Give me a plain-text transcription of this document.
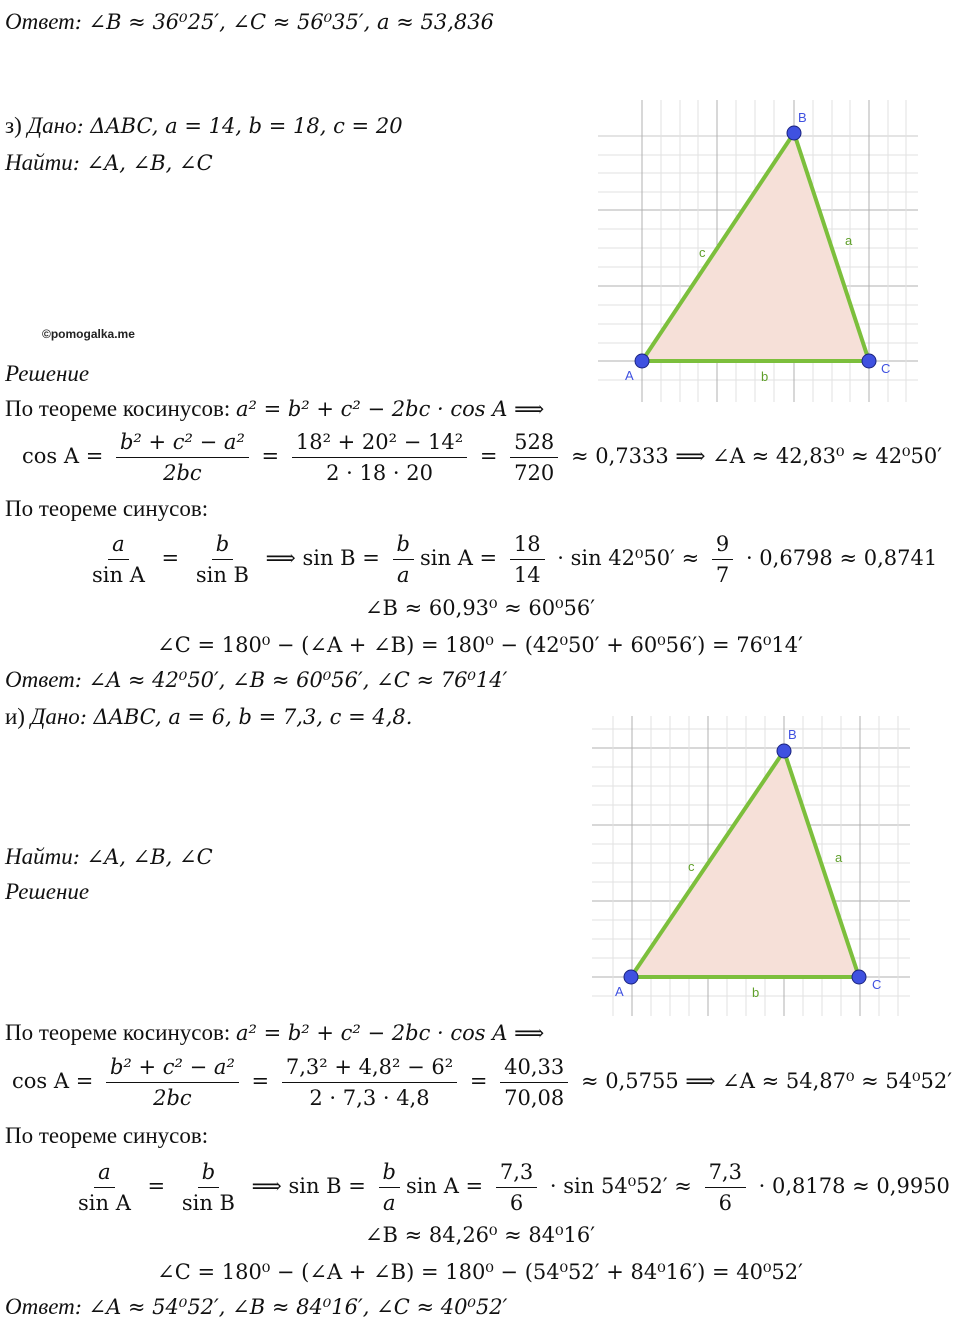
Ответ: ∠B ≈ 36⁰25′, ∠C ≈ 56⁰35′, a ≈ 53,836
з) Дано: ΔABC, a = 14, b = 18, c = 20
Найти: ∠A, ∠B, ∠C
©pomogalka.me
A
B
C
a
b
c
Решение
По теореме косинусов: a² = b² + c² − 2bc · cos A ⟹
$\cos A = \frac{\text{b² + c² − a²}}{2bc} = \frac{\text{18² + 20² − 14²}}{2 \cdot 18 \cdot 20} = \frac{528}{720} \approx 0,7333$ ⟹ ∠A ≈ 42,83⁰ ≈ 42⁰50′
По теореме синусов:
$\frac{a}{\text{sin A}} = \frac{b}{\text{sin B}}$ ⟹ $\sin B = \frac{b}{a}$ $\sin A = \frac{18}{14} \cdot \sin 42^050' \approx \frac{9}{7} \cdot 0,6798 \approx 0,8741$
∠B ≈ 60,93⁰ ≈ 60⁰56′
∠C = 180⁰ − (∠A + ∠B) = 180⁰ − (42⁰50′ + 60⁰56′) = 76⁰14′
Ответ: ∠A ≈ 42⁰50′, ∠B ≈ 60⁰56′, ∠C ≈ 76⁰14′
и) Дано: ΔABC, a = 6, b = 7,3, c = 4,8.
A
B
C
a
b
c
Найти: ∠A, ∠B, ∠C
Решение
По теореме косинусов: a² = b² + c² − 2bc · cos A ⟹
$\cos A = \frac{\text{b² + c² − a²}}{2bc} = \frac{\text{7,3² + 4,8² − 6²}}{2 \cdot 7,3 \cdot 4,8} = \frac{40,33}{70,08} \approx 0,5755$ ⟹ ∠A ≈ 54,87⁰ ≈ 54⁰52′
По теореме синусов:
$\frac{a}{\text{sin A}} = \frac{b}{\text{sin B}}$ ⟹ $\sin B = \frac{b}{a}$ $\sin A = \frac{7,3}{6} \cdot \sin 54^052' \approx \frac{7,3}{6} \cdot 0,8178 \approx 0,9950$
∠B ≈ 84,26⁰ ≈ 84⁰16′
∠C = 180⁰ − (∠A + ∠B) = 180⁰ − (54⁰52′ + 84⁰16′) = 40⁰52′
Ответ: ∠A ≈ 54⁰52′, ∠B ≈ 84⁰16′, ∠C ≈ 40⁰52′
